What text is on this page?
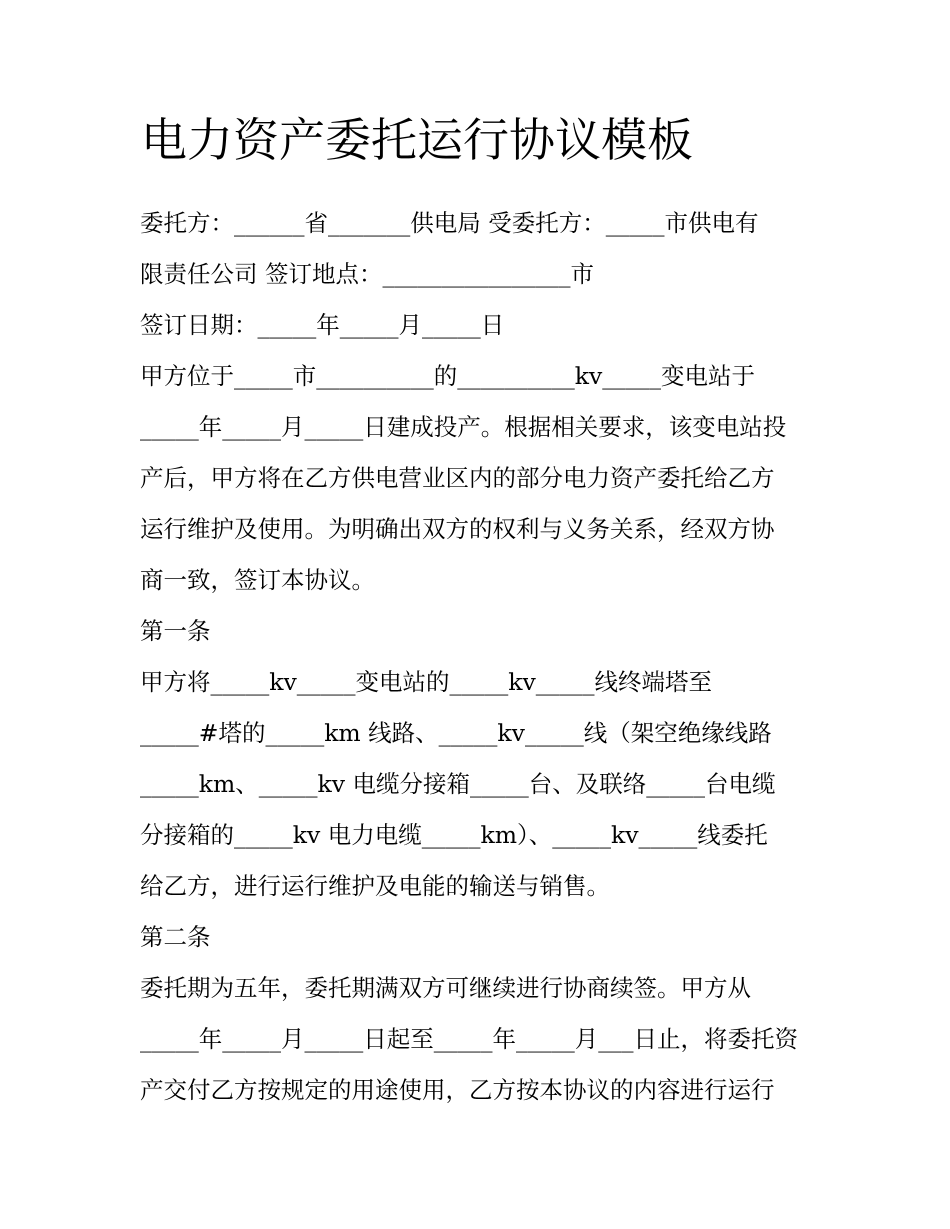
电力资产委托运行协议模板
委托方：______省_______供电局 受委托方：_____市供电有
限责任公司 签订地点：________________市
签订日期：_____年_____月_____日
甲方位于_____市__________的__________kv_____变电站于
_____年_____月_____日建成投产。根据相关要求，该变电站投
产后，甲方将在乙方供电营业区内的部分电力资产委托给乙方
运行维护及使用。为明确出双方的权利与义务关系，经双方协
商一致，签订本协议。
第一条
甲方将_____kv_____变电站的_____kv_____线终端塔至
_____#塔的_____km 线路、_____kv_____线（架空绝缘线路
_____km、_____kv 电缆分接箱_____台、及联络_____台电缆
分接箱的_____kv 电力电缆_____km）、_____kv_____线委托
给乙方，进行运行维护及电能的输送与销售。
第二条
委托期为五年，委托期满双方可继续进行协商续签。甲方从
_____年_____月_____日起至_____年_____月___日止，将委托资
产交付乙方按规定的用途使用，乙方按本协议的内容进行运行
